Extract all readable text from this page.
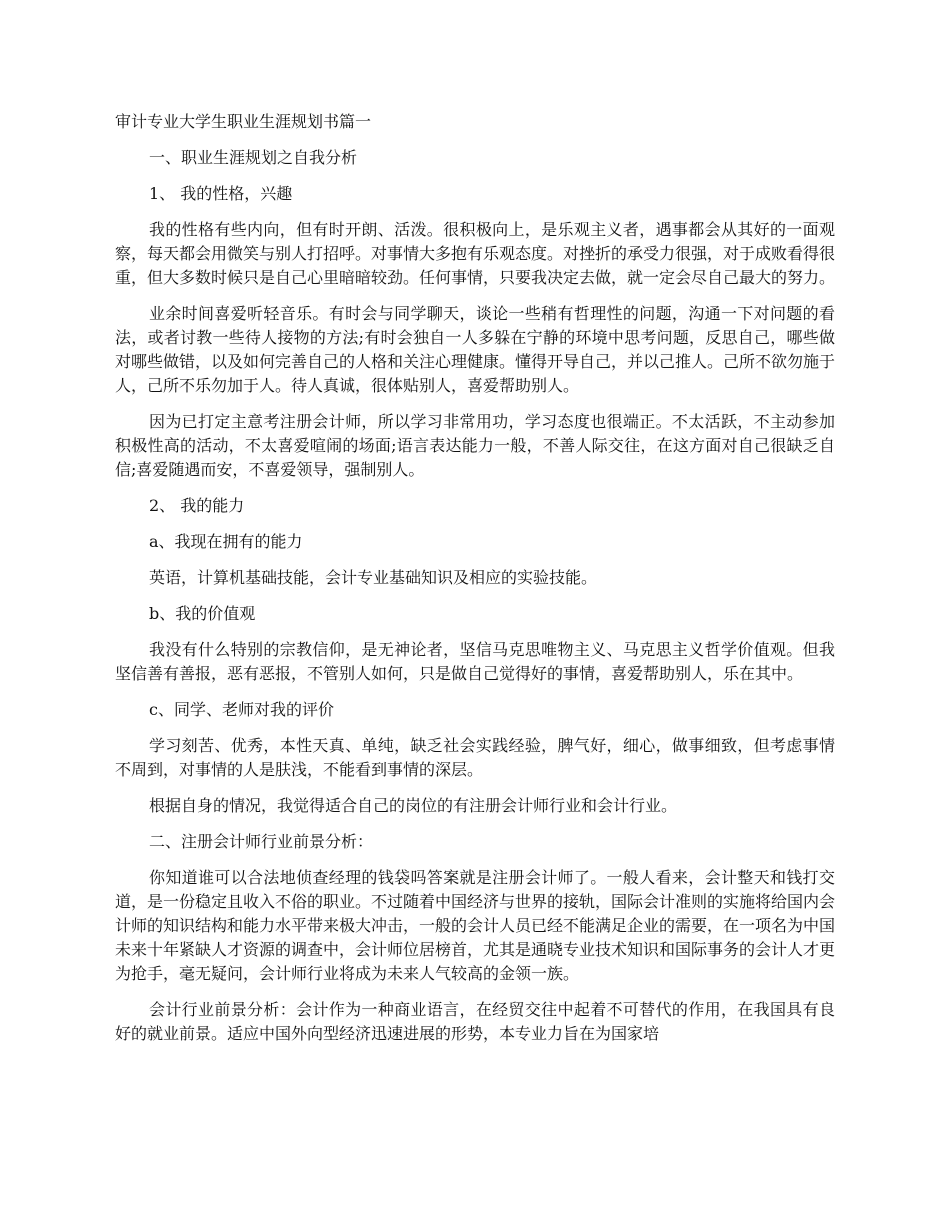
审计专业大学生职业生涯规划书篇一
一、职业生涯规划之自我分析
1、 我的性格，兴趣
我的性格有些内向，但有时开朗、活泼。很积极向上，是乐观主义者，遇事都会从其好的一面观察，每天都会用微笑与别人打招呼。对事情大多抱有乐观态度。对挫折的承受力很强，对于成败看得很重，但大多数时候只是自己心里暗暗较劲。任何事情，只要我决定去做，就一定会尽自己最大的努力。
业余时间喜爱听轻音乐。有时会与同学聊天，谈论一些稍有哲理性的问题，沟通一下对问题的看法，或者讨教一些待人接物的方法;有时会独自一人多躲在宁静的环境中思考问题，反思自己，哪些做对哪些做错，以及如何完善自己的人格和关注心理健康。懂得开导自己，并以己推人。己所不欲勿施于人，己所不乐勿加于人。待人真诚，很体贴别人，喜爱帮助别人。
因为已打定主意考注册会计师，所以学习非常用功，学习态度也很端正。不太活跃，不主动参加积极性高的活动，不太喜爱喧闹的场面;语言表达能力一般，不善人际交往，在这方面对自己很缺乏自信;喜爱随遇而安，不喜爱领导，强制别人。
2、 我的能力
a、我现在拥有的能力
英语，计算机基础技能，会计专业基础知识及相应的实验技能。
b、我的价值观
我没有什么特别的宗教信仰，是无神论者，坚信马克思唯物主义、马克思主义哲学价值观。但我坚信善有善报，恶有恶报，不管别人如何，只是做自己觉得好的事情，喜爱帮助别人，乐在其中。
c、同学、老师对我的评价
学习刻苦、优秀，本性天真、单纯，缺乏社会实践经验，脾气好，细心，做事细致，但考虑事情不周到，对事情的人是肤浅，不能看到事情的深层。
根据自身的情况，我觉得适合自己的岗位的有注册会计师行业和会计行业。
二、注册会计师行业前景分析：
你知道谁可以合法地侦查经理的钱袋吗答案就是注册会计师了。一般人看来，会计整天和钱打交道，是一份稳定且收入不俗的职业。不过随着中国经济与世界的接轨，国际会计准则的实施将给国内会计师的知识结构和能力水平带来极大冲击，一般的会计人员已经不能满足企业的需要，在一项名为中国未来十年紧缺人才资源的调查中，会计师位居榜首，尤其是通晓专业技术知识和国际事务的会计人才更为抢手，毫无疑问，会计师行业将成为未来人气较高的金领一族。
会计行业前景分析：会计作为一种商业语言，在经贸交往中起着不可替代的作用，在我国具有良好的就业前景。适应中国外向型经济迅速进展的形势，本专业力旨在为国家培
